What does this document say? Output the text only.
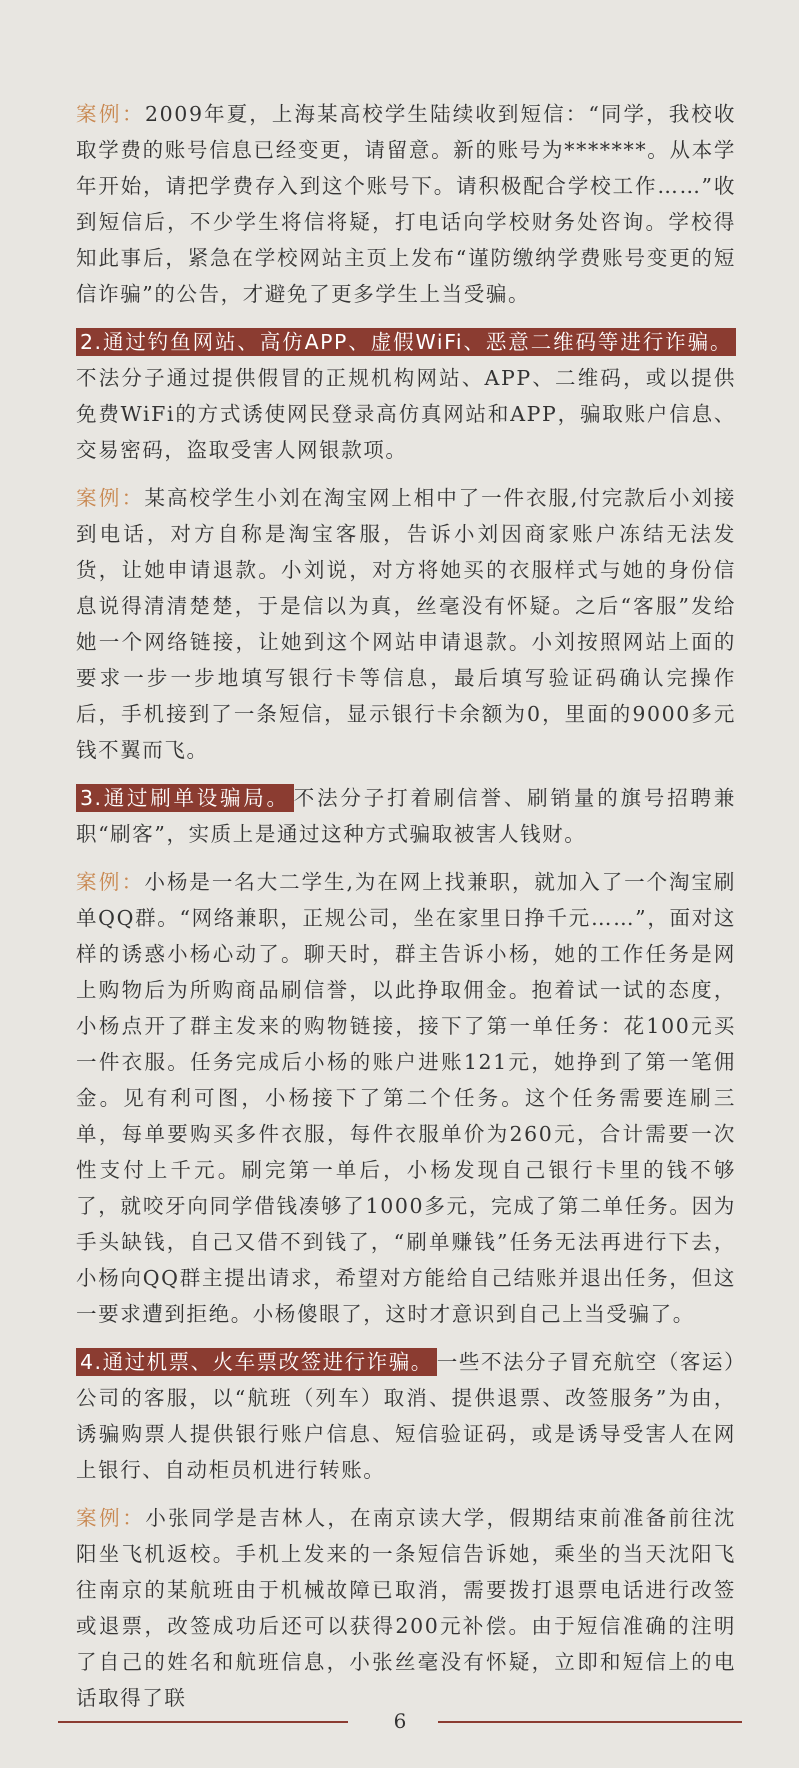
案例：2009年夏，上海某高校学生陆续收到短信：“同学，我校收取学费的账号信息已经变更，请留意。新的账号为*******。从本学年开始，请把学费存入到这个账号下。请积极配合学校工作……”收到短信后，不少学生将信将疑，打电话向学校财务处咨询。学校得知此事后，紧急在学校网站主页上发布“谨防缴纳学费账号变更的短信诈骗”的公告，才避免了更多学生上当受骗。

2.通过钓鱼网站、高仿APP、虚假WiFi、恶意二维码等进行诈骗。不法分子通过提供假冒的正规机构网站、APP、二维码，或以提供免费WiFi的方式诱使网民登录高仿真网站和APP，骗取账户信息、交易密码，盗取受害人网银款项。

案例：某高校学生小刘在淘宝网上相中了一件衣服,付完款后小刘接到电话，对方自称是淘宝客服，告诉小刘因商家账户冻结无法发货，让她申请退款。小刘说，对方将她买的衣服样式与她的身份信息说得清清楚楚，于是信以为真，丝毫没有怀疑。之后“客服”发给她一个网络链接，让她到这个网站申请退款。小刘按照网站上面的要求一步一步地填写银行卡等信息，最后填写验证码确认完操作后，手机接到了一条短信，显示银行卡余额为0，里面的9000多元钱不翼而飞。

3.通过刷单设骗局。 不法分子打着刷信誉、刷销量的旗号招聘兼职“刷客”，实质上是通过这种方式骗取被害人钱财。

案例：小杨是一名大二学生,为在网上找兼职，就加入了一个淘宝刷单QQ群。“网络兼职，正规公司，坐在家里日挣千元……”，面对这样的诱惑小杨心动了。聊天时，群主告诉小杨，她的工作任务是网上购物后为所购商品刷信誉，以此挣取佣金。抱着试一试的态度，小杨点开了群主发来的购物链接，接下了第一单任务：花100元买一件衣服。任务完成后小杨的账户进账121元，她挣到了第一笔佣金。见有利可图，小杨接下了第二个任务。这个任务需要连刷三单，每单要购买多件衣服，每件衣服单价为260元，合计需要一次性支付上千元。刷完第一单后，小杨发现自己银行卡里的钱不够了，就咬牙向同学借钱凑够了1000多元，完成了第二单任务。因为手头缺钱，自己又借不到钱了，“刷单赚钱”任务无法再进行下去，小杨向QQ群主提出请求，希望对方能给自己结账并退出任务，但这一要求遭到拒绝。小杨傻眼了，这时才意识到自己上当受骗了。

4.通过机票、火车票改签进行诈骗。 一些不法分子冒充航空（客运）公司的客服，以“航班（列车）取消、提供退票、改签服务”为由，诱骗购票人提供银行账户信息、短信验证码，或是诱导受害人在网上银行、自动柜员机进行转账。

案例：小张同学是吉林人，在南京读大学，假期结束前准备前往沈阳坐飞机返校。手机上发来的一条短信告诉她，乘坐的当天沈阳飞往南京的某航班由于机械故障已取消，需要拨打退票电话进行改签或退票，改签成功后还可以获得200元补偿。由于短信准确的注明了自己的姓名和航班信息，小张丝毫没有怀疑，立即和短信上的电话取得了联

6
